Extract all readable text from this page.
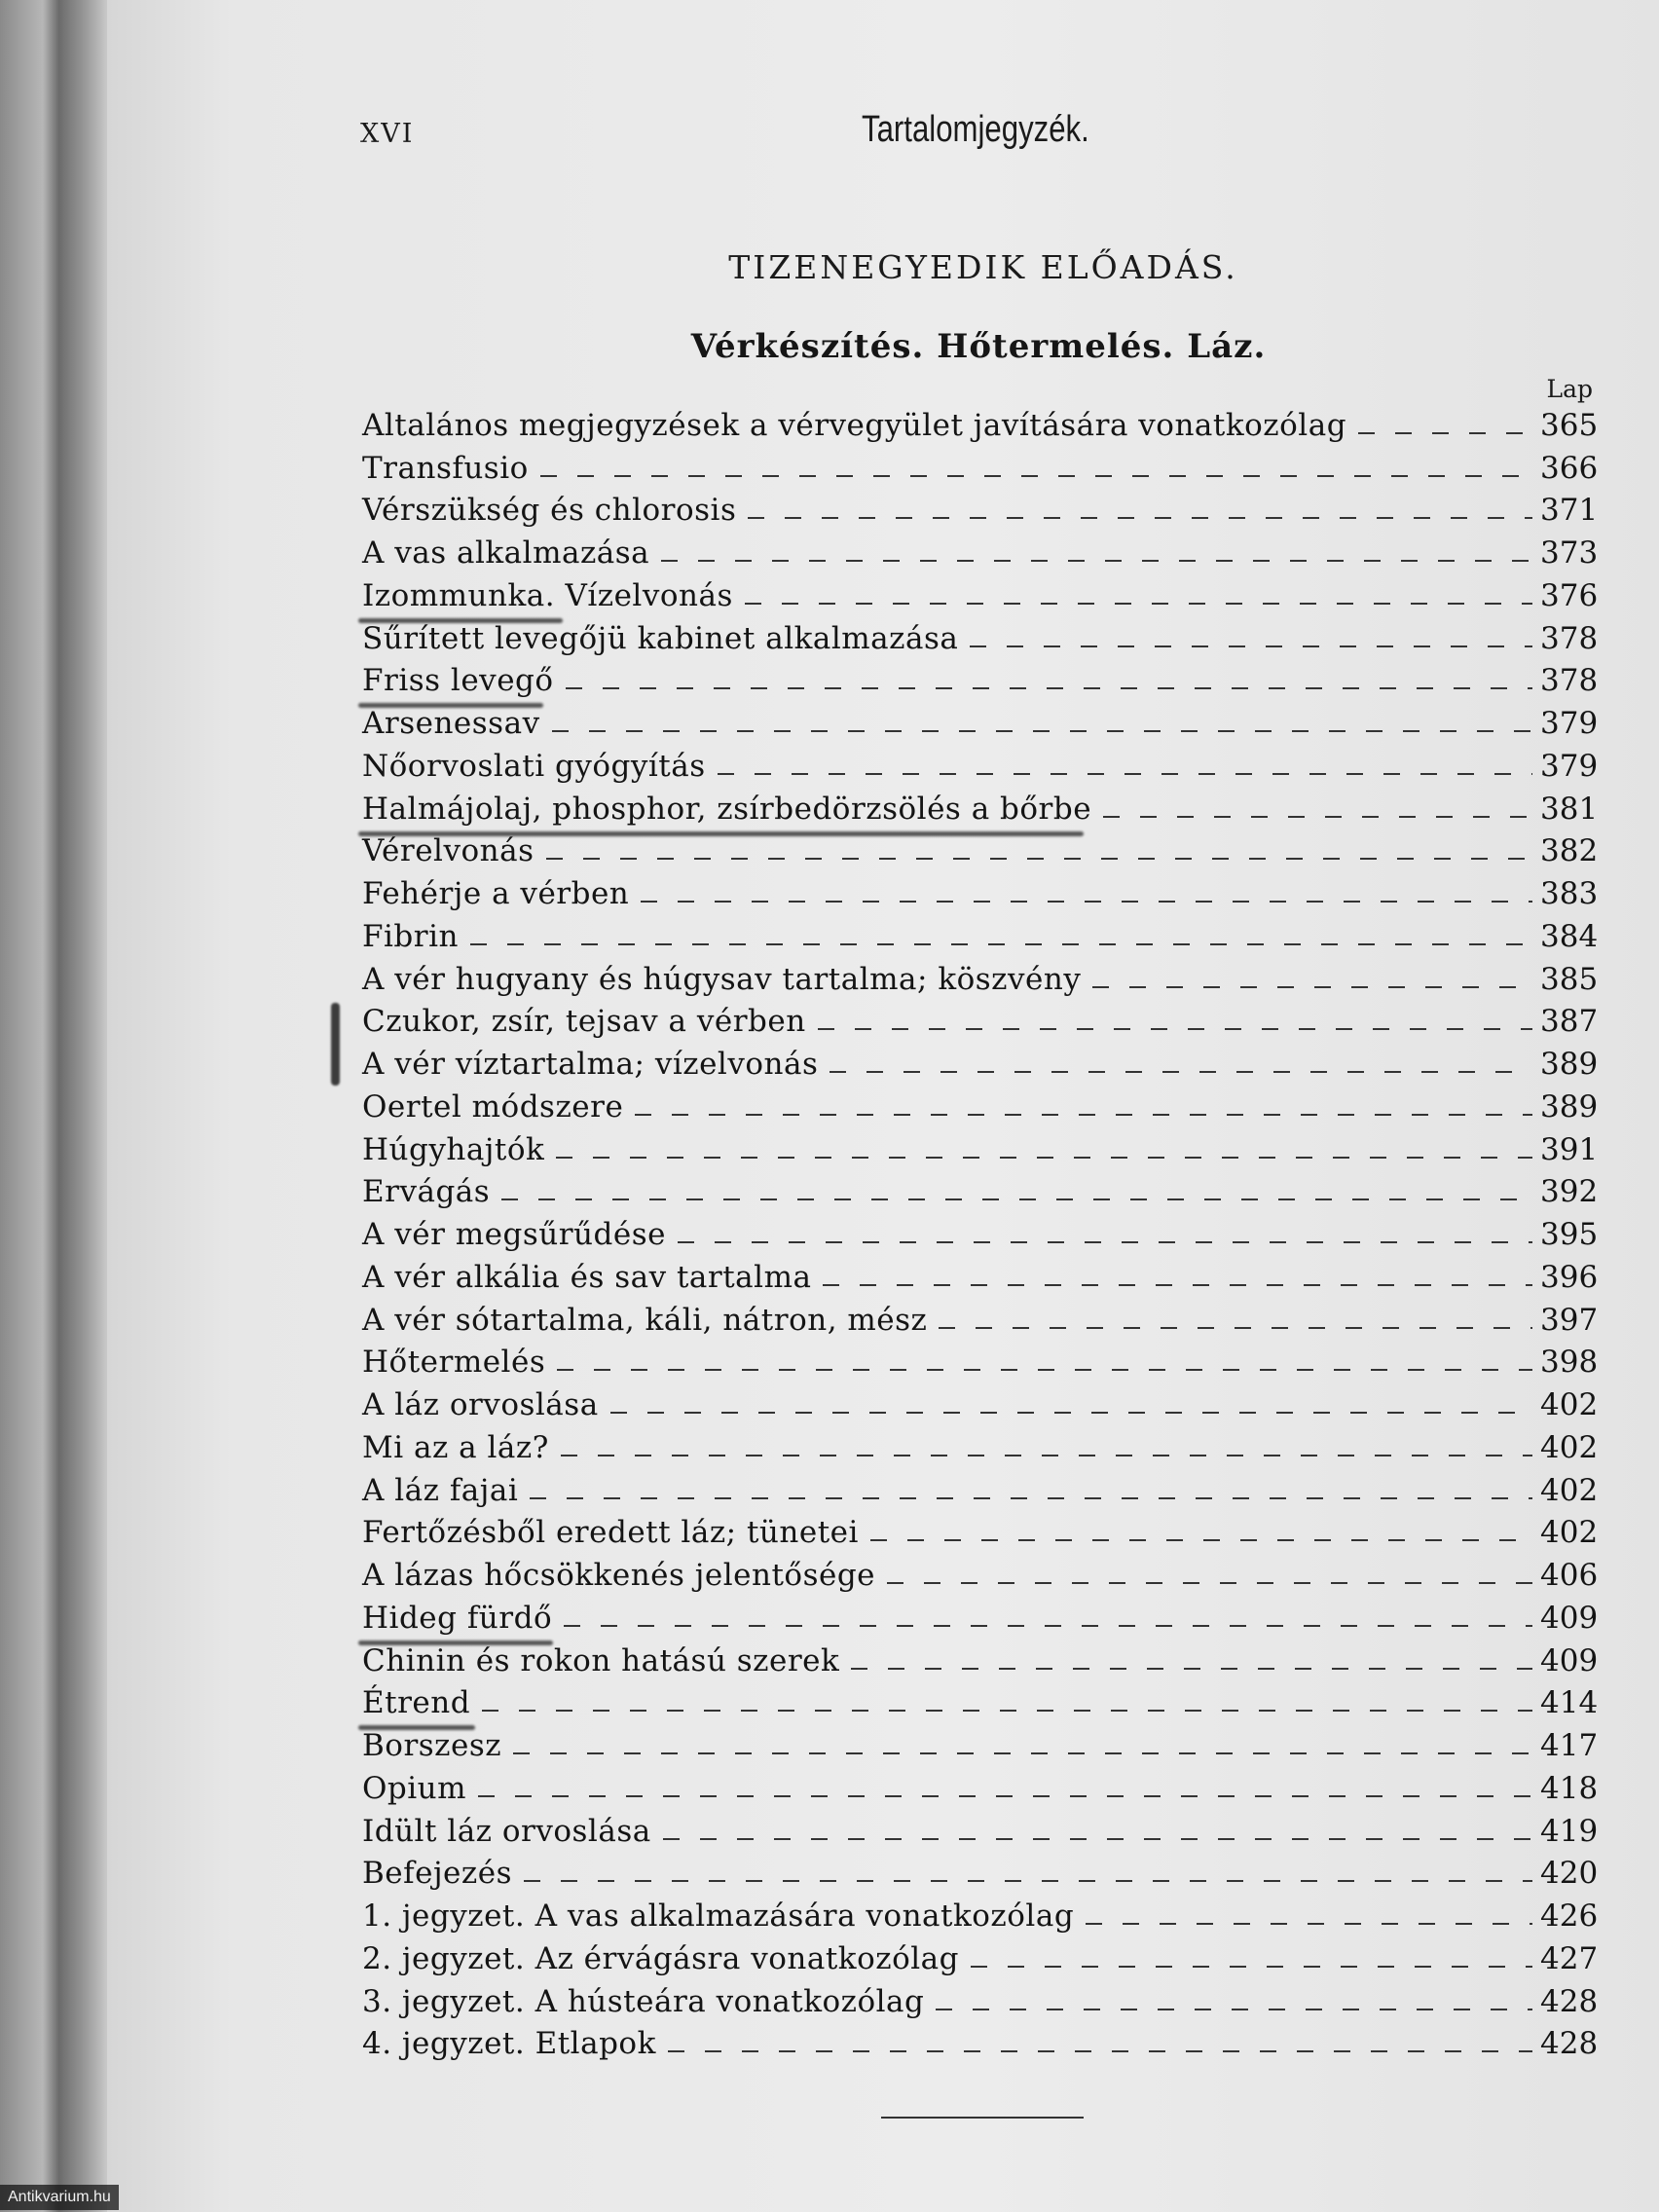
XVI	Tartalomjegyzék.
TIZENEGYEDIK ELŐADÁS.
Vérkészítés. Hőtermelés. Láz.
Lap
Altalános megjegyzések a vérvegyület javítására vonatkozólag	365
Transfusio	366
Vérszükség és chlorosis	371
A vas alkalmazása	373
Izommunka. Vízelvonás	376
Sűrített levegőjü kabinet alkalmazása	378
Friss levegő	378
Arsenessav	379
Nőorvoslati gyógyítás	379
Halmájolaj, phosphor, zsírbedörzsölés a bőrbe	381
Vérelvonás	382
Fehérje a vérben	383
Fibrin	384
A vér hugyany és húgysav tartalma; köszvény	385
Czukor, zsír, tejsav a vérben	387
A vér víztartalma; vízelvonás	389
Oertel módszere	389
Húgyhajtók	391
Ervágás	392
A vér megsűrűdése	395
A vér alkália és sav tartalma	396
A vér sótartalma, káli, nátron, mész	397
Hőtermelés	398
A láz orvoslása	402
Mi az a láz?	402
A láz fajai	402
Fertőzésből eredett láz; tünetei	402
A lázas hőcsökkenés jelentősége	406
Hideg fürdő	409
Chinin és rokon hatású szerek	409
Étrend	414
Borszesz	417
Opium	418
Idült láz orvoslása	419
Befejezés	420
1. jegyzet. A vas alkalmazására vonatkozólag	426
2. jegyzet. Az érvágásra vonatkozólag	427
3. jegyzet. A hústeára vonatkozólag	428
4. jegyzet. Etlapok	428
Antikvarium.hu
